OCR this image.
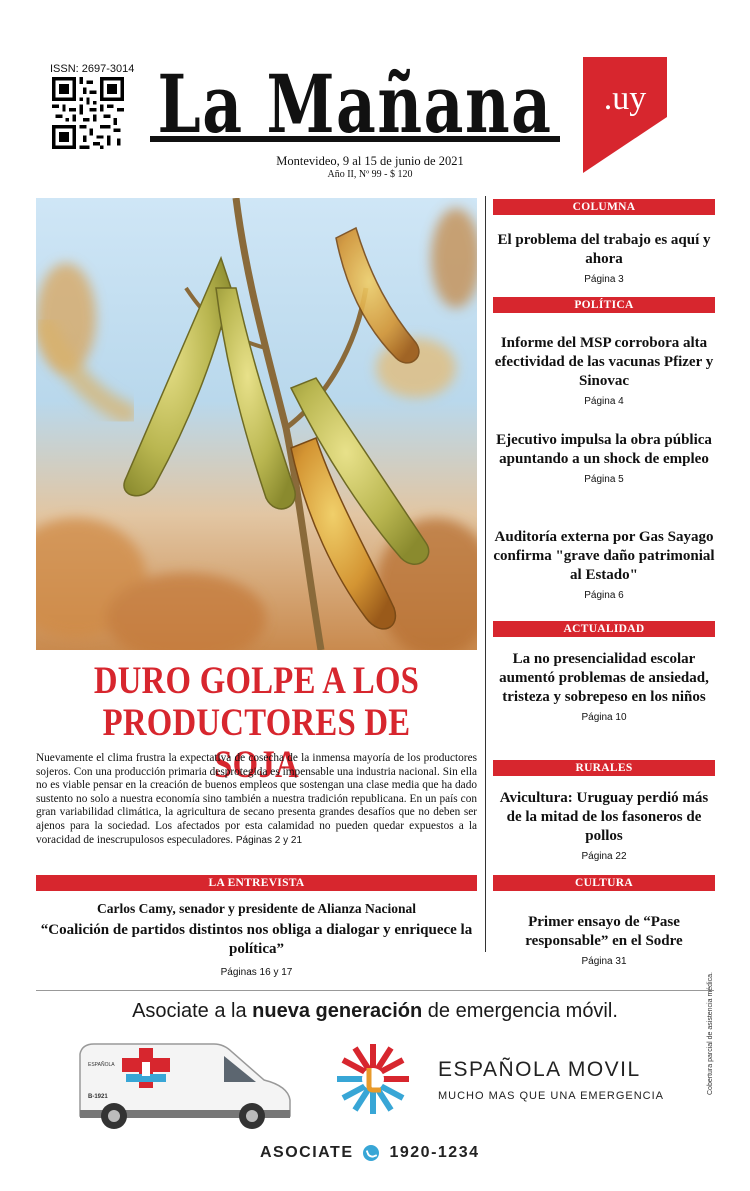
ISSN: 2697-3014 La Mañana .uy
Montevideo, 9 al 15 de junio de 2021
Año II, Nº 99 - $ 120
DURO GOLPE A LOS PRODUCTORES DE SOJA
Nuevamente el clima frustra la expectativa de cosecha de la inmensa mayoría de los productores sojeros. Con una producción primaria desprotegida es impensable una industria nacional. Sin ella no es viable pensar en la creación de buenos empleos que sostengan una clase media que ha dado sustento no solo a nuestra economía sino también a nuestra tradición republicana. En un país con gran variabilidad climática, la agricultura de secano presenta grandes desafíos que no deben ser ajenos para la sociedad. Los afectados por esta calamidad no pueden quedar expuestos a la voracidad de inescrupulosos especuladores. Páginas 2 y 21
LA ENTREVISTA
Carlos Camy, senador y presidente de Alianza Nacional
“Coalición de partidos distintos nos obliga a dialogar y enriquece la política”
Páginas 16 y 17
COLUMNA
El problema del trabajo es aquí y ahora
Página 3
POLÍTICA
Informe del MSP corrobora alta efectividad de las vacunas Pfizer y Sinovac
Página 4
Ejecutivo impulsa la obra pública apuntando a un shock de empleo
Página 5
Auditoría externa por Gas Sayago confirma "grave daño patrimonial al Estado"
Página 6
ACTUALIDAD
La no presencialidad escolar aumentó problemas de ansiedad, tristeza y sobrepeso en los niños
Página 10
RURALES
Avicultura: Uruguay perdió más de la mitad de los fasoneros de pollos
Página 22
CULTURA
Primer ensayo de “Pase responsable” en el Sodre
Página 31
Asociate a la nueva generación de emergencia móvil.
ESPAÑOLA
B-1921
ESPAÑOLA MOVIL
MUCHO MAS QUE UNA EMERGENCIA
ASOCIATE 1920-1234
Cobertura parcial de asistencia médica.
